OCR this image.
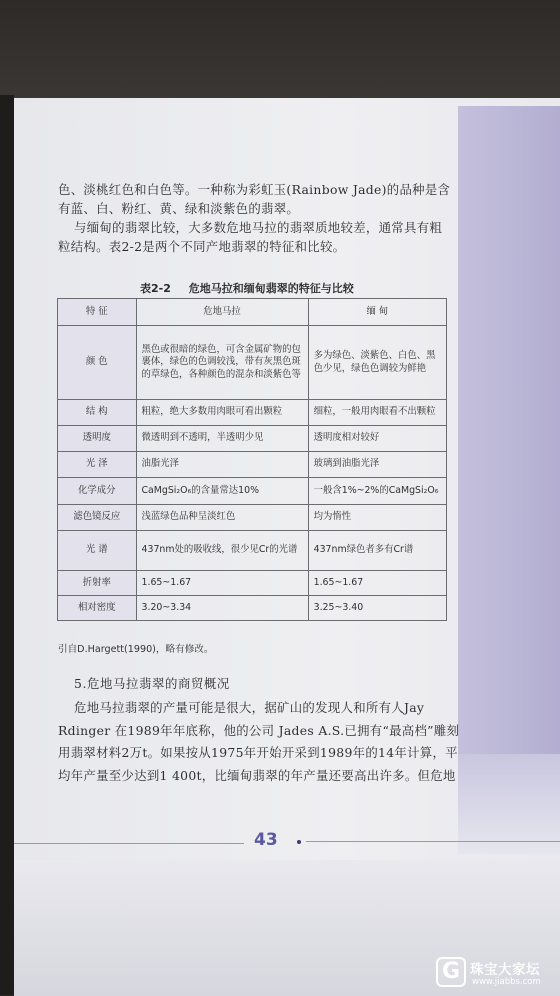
色、淡桃红色和白色等。一种称为彩虹玉(Rainbow Jade)的品种是含
有蓝、白、粉红、黄、绿和淡紫色的翡翠。
与缅甸的翡翠比较，大多数危地马拉的翡翠质地较差，通常具有粗
粒结构。表2-2是两个不同产地翡翠的特征和比较。
表2-2 危地马拉和缅甸翡翠的特征与比较
特 征	危地马拉	缅 甸
颜 色	黑色或很暗的绿色，可含金属矿物的包裹体，绿色的色调较浅，带有灰黑色斑的草绿色，各种颜色的混杂和淡紫色等	多为绿色、淡紫色、白色、黑色少见，绿色色调较为鲜艳
结 构	粗粒，绝大多数用肉眼可看出颗粒	细粒，一般用肉眼看不出颗粒
透明度	微透明到不透明，半透明少见	透明度相对较好
光 泽	油脂光泽	玻璃到油脂光泽
化学成分	CaMgSi₂O₆的含量常达10%	一般含1%~2%的CaMgSi₂O₆
滤色镜反应	浅蓝绿色品种呈淡红色	均为惰性
光 谱	437nm处的吸收线，很少见Cr的光谱	437nm绿色者多有Cr谱
折射率	1.65~1.67	1.65~1.67
相对密度	3.20~3.34	3.25~3.40
引自D.Hargett(1990)，略有修改。
5.危地马拉翡翠的商贸概况
危地马拉翡翠的产量可能是很大，据矿山的发现人和所有人Jay
Rdinger 在1989年年底称，他的公司 Jades A.S.已拥有“最高档”雕刻
用翡翠材料2万t。如果按从1975年开始开采到1989年的14年计算，平
均年产量至少达到1 400t，比缅甸翡翠的年产量还要高出许多。但危地
43
G 珠宝大家坛
www.jiabbs.com
